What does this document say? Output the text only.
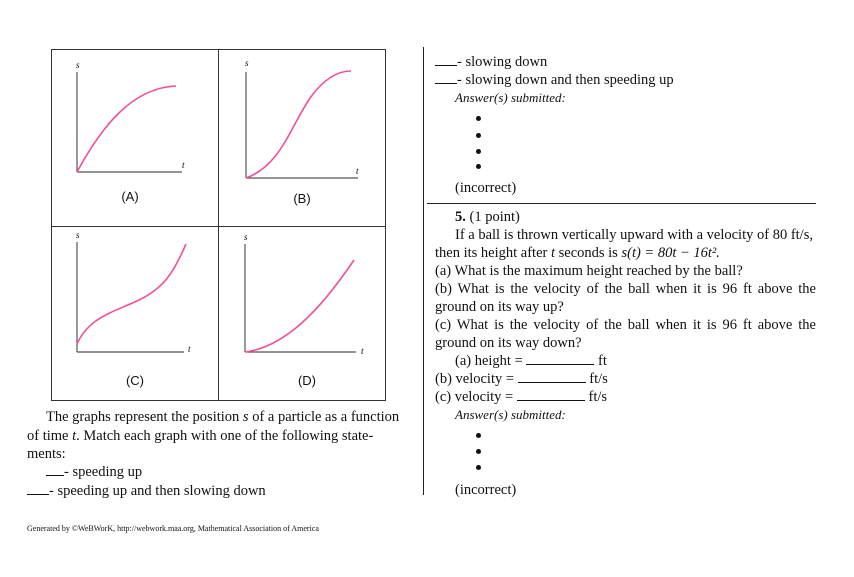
s
t
(A)
s
t
(B)
s
t
(C)
s
t
(D)
The graphs represent the position s of a particle as a function
of time t. Match each graph with one of the following state-
ments:
- speeding up
- speeding up and then slowing down
Generated by ©WeBWorK, http://webwork.maa.org, Mathematical Association of America
- slowing down
- slowing down and then speeding up
Answer(s) submitted:
(incorrect)
5. (1 point)
If a ball is thrown vertically upward with a velocity of 80 ft/s,
then its height after t seconds is s(t) = 80t − 16t².
(a) What is the maximum height reached by the ball?
(b) What is the velocity of the ball when it is 96 ft above the
ground on its way up?
(c) What is the velocity of the ball when it is 96 ft above the
ground on its way down?
(a) height =	ft
(b) velocity =	ft/s
(c) velocity =	ft/s
Answer(s) submitted:
(incorrect)
